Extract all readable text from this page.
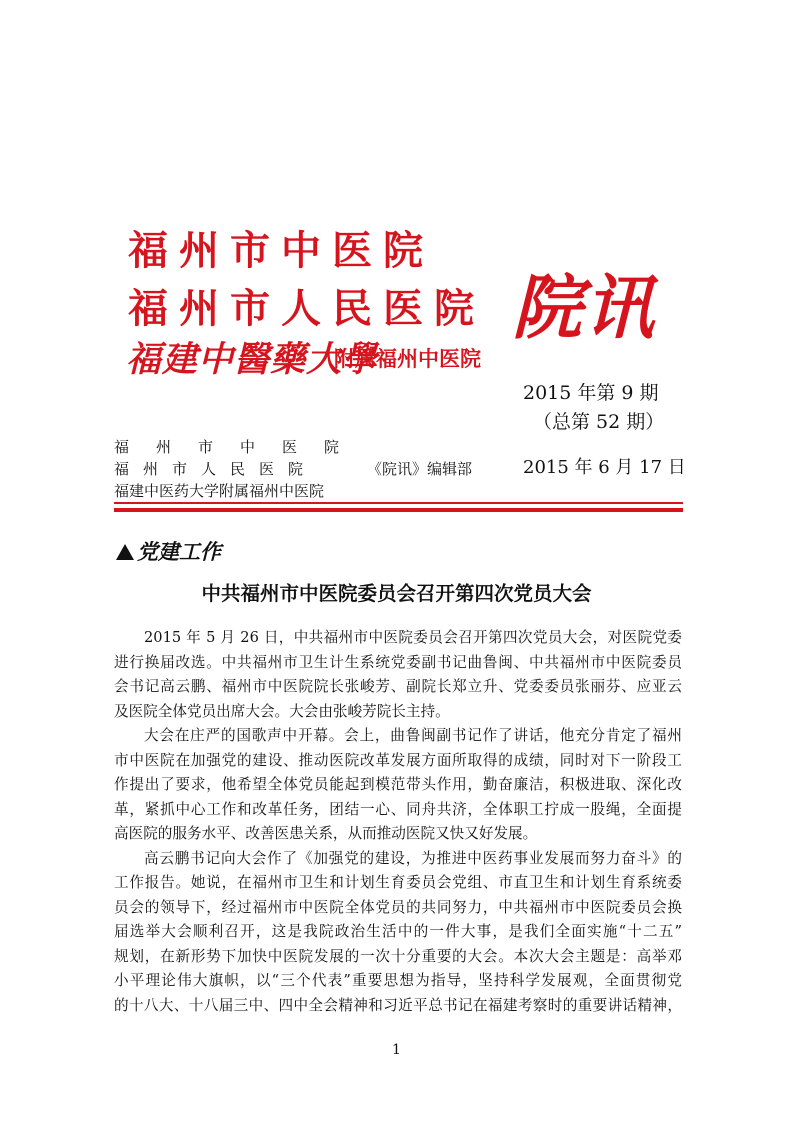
福州市中医院
福州市人民医院
福建中醫藥大學
附属福州中医院
院讯
2015 年第 9 期
（总第 52 期）
福州市中医院
福州市人民医院
福建中医药大学附属福州中医院
《院讯》编辑部	2015 年 6 月 17 日
党建工作
中共福州市中医院委员会召开第四次党员大会
2015 年 5 月 26 日，中共福州市中医院委员会召开第四次党员大会，对医院党委
进行换届改选。中共福州市卫生计生系统党委副书记曲鲁闽、中共福州市中医院委员
会书记高云鹏、福州市中医院院长张峻芳、副院长郑立升、党委委员张丽芬、应亚云
及医院全体党员出席大会。大会由张峻芳院长主持。
大会在庄严的国歌声中开幕。会上，曲鲁闽副书记作了讲话，他充分肯定了福州
市中医院在加强党的建设、推动医院改革发展方面所取得的成绩，同时对下一阶段工
作提出了要求，他希望全体党员能起到模范带头作用，勤奋廉洁，积极进取、深化改
革，紧抓中心工作和改革任务，团结一心、同舟共济，全体职工拧成一股绳，全面提
高医院的服务水平、改善医患关系，从而推动医院又快又好发展。
高云鹏书记向大会作了《加强党的建设，为推进中医药事业发展而努力奋斗》的
工作报告。她说，在福州市卫生和计划生育委员会党组、市直卫生和计划生育系统委
员会的领导下，经过福州市中医院全体党员的共同努力，中共福州市中医院委员会换
届选举大会顺利召开，这是我院政治生活中的一件大事，是我们全面实施“十二五”
规划，在新形势下加快中医院发展的一次十分重要的大会。本次大会主题是：高举邓
小平理论伟大旗帜，以“三个代表”重要思想为指导，坚持科学发展观，全面贯彻党
的十八大、十八届三中、四中全会精神和习近平总书记在福建考察时的重要讲话精神，
1
